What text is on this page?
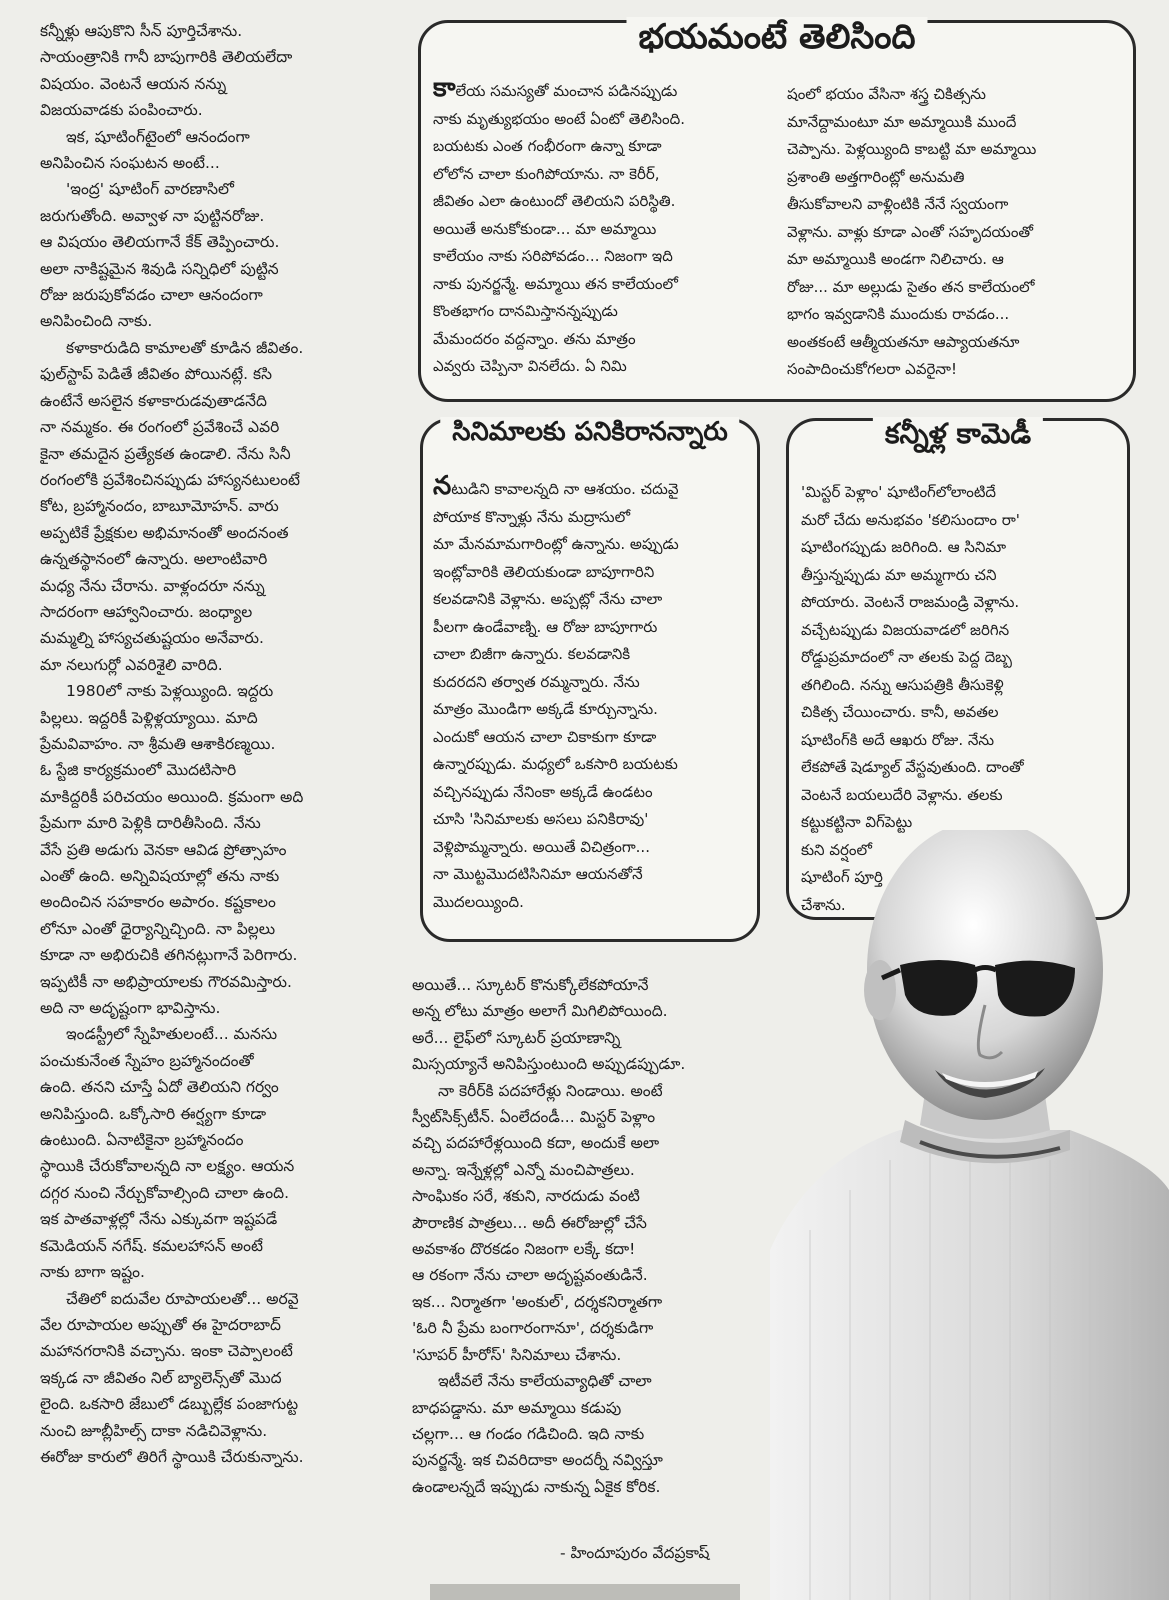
కన్నీళ్లు ఆపుకొని సీన్ పూర్తిచేశాను.
సాయంత్రానికి గానీ బాపుగారికి తెలియలేదా
విషయం. వెంటనే ఆయన నన్ను
విజయవాడకు పంపించారు.

ఇక, షూటింగ్‌టైంలో ఆనందంగా
అనిపించిన సంఘటన అంటే...

'ఇంద్ర' షూటింగ్ వారణాసిలో
జరుగుతోంది. అవ్వాళ నా పుట్టినరోజు.
ఆ విషయం తెలియగానే కేక్ తెప్పించారు.
అలా నాకిష్టమైన శివుడి సన్నిధిలో పుట్టిన
రోజు జరుపుకోవడం చాలా ఆనందంగా
అనిపించింది నాకు.

కళాకారుడిది కామాలతో కూడిన జీవితం.
ఫుల్‌స్టాప్ పెడితే జీవితం పోయినట్లే. కసి
ఉంటేనే అసలైన కళాకారుడవుతాడనేది
నా నమ్మకం. ఈ రంగంలో ప్రవేశించే ఎవరి
కైనా తమదైన ప్రత్యేకత ఉండాలి. నేను సినీ
రంగంలోకి ప్రవేశించినప్పుడు హాస్యనటులంటే
కోట, బ్రహ్మానందం, బాబూమోహన్. వారు
అప్పటికే ప్రేక్షకుల అభిమానంతో అందనంత
ఉన్నతస్థానంలో ఉన్నారు. అలాంటివారి
మధ్య నేను చేరాను. వాళ్లందరూ నన్ను
సాదరంగా ఆహ్వానించారు. జంధ్యాల
మమ్మల్ని హాస్యచతుష్టయం అనేవారు.
మా నలుగుర్లో ఎవరిశైలి వారిది.

1980లో నాకు పెళ్లయ్యింది. ఇద్దరు
పిల్లలు. ఇద్దరికీ పెళ్లిళ్లయ్యాయి. మాది
ప్రేమవివాహం. నా శ్రీమతి ఆశాకిరణ్మయి.
ఓ స్టేజి కార్యక్రమంలో మొదటిసారి
మాకిద్దరికీ పరిచయం అయింది. క్రమంగా అది
ప్రేమగా మారి పెళ్లికి దారితీసింది. నేను
వేసే ప్రతి అడుగు వెనకా ఆవిడ ప్రోత్సాహం
ఎంతో ఉంది. అన్నివిషయాల్లో తను నాకు
అందించిన సహకారం అపారం. కష్టకాలం
లోనూ ఎంతో ధైర్యాన్నిచ్చింది. నా పిల్లలు
కూడా నా అభిరుచికి తగినట్లుగానే పెరిగారు.
ఇప్పటికీ నా అభిప్రాయాలకు గౌరవమిస్తారు.
అది నా అదృష్టంగా భావిస్తాను.

ఇండస్ట్రీలో స్నేహితులంటే... మనసు
పంచుకునేంత స్నేహం బ్రహ్మానందంతో
ఉంది. తనని చూస్తే ఏదో తెలియని గర్వం
అనిపిస్తుంది. ఒక్కోసారి ఈర్ష్యగా కూడా
ఉంటుంది. ఏనాటికైనా బ్రహ్మానందం
స్థాయికి చేరుకోవాలన్నది నా లక్ష్యం. ఆయన
దగ్గర నుంచి నేర్చుకోవాల్సింది చాలా ఉంది.
ఇక పాతవాళ్లల్లో నేను ఎక్కువగా ఇష్టపడే
కమెడియన్ నగేష్. కమలహాసన్ అంటే
నాకు బాగా ఇష్టం.

చేతిలో ఐదువేల రూపాయలతో... అరవై
వేల రూపాయల అప్పుతో ఈ హైదరాబాద్
మహానగరానికి వచ్చాను. ఇంకా చెప్పాలంటే
ఇక్కడ నా జీవితం నిల్ బ్యాలెన్స్‌తో మొద
లైంది. ఒకసారి జేబులో డబ్బుల్లేక పంజాగుట్ట
నుంచి జూబ్లీహిల్స్ దాకా నడిచివెళ్లాను.
ఈరోజు కారులో తిరిగే స్థాయికి చేరుకున్నాను.

భయమంటే తెలిసింది
కాలేయ సమస్యతో మంచాన పడినప్పుడు
నాకు మృత్యుభయం అంటే ఏంటో తెలిసింది.
బయటకు ఎంత గంభీరంగా ఉన్నా కూడా
లోలోన చాలా కుంగిపోయాను. నా కెరీర్,
జీవితం ఎలా ఉంటుందో తెలియని పరిస్థితి.
అయితే అనుకోకుండా... మా అమ్మాయి
కాలేయం నాకు సరిపోవడం... నిజంగా ఇది
నాకు పునర్జన్మే. అమ్మాయి తన కాలేయంలో
కొంతభాగం దానమిస్తానన్నప్పుడు
మేమందరం వద్దన్నాం. తను మాత్రం
ఎవ్వరు చెప్పినా వినలేదు. ఏ నిమి
షంలో భయం వేసినా శస్త్ర చికిత్సను
మానేద్దామంటూ మా అమ్మాయికి ముందే
చెప్పాను. పెళ్లయ్యింది కాబట్టి మా అమ్మాయి
ప్రశాంతి అత్తగారింట్లో అనుమతి
తీసుకోవాలని వాళ్లింటికి నేనే స్వయంగా
వెళ్లాను. వాళ్లు కూడా ఎంతో సహృదయంతో
మా అమ్మాయికి అండగా నిలిచారు. ఆ
రోజు... మా అల్లుడు సైతం తన కాలేయంలో
భాగం ఇవ్వడానికి ముందుకు రావడం...
అంతకంటే ఆత్మీయతనూ ఆప్యాయతనూ
సంపాదించుకోగలరా ఎవరైనా!
సినిమాలకు పనికిరానన్నారు
నటుడిని కావాలన్నది నా ఆశయం. చదువై
పోయాక కొన్నాళ్లు నేను మద్రాసులో
మా మేనమామగారింట్లో ఉన్నాను. అప్పుడు
ఇంట్లోవారికి తెలియకుండా బాపూగారిని
కలవడానికి వెళ్లాను. అప్పట్లో నేను చాలా
పీలగా ఉండేవాణ్ని. ఆ రోజు బాపూగారు
చాలా బిజీగా ఉన్నారు. కలవడానికి
కుదరదని తర్వాత రమ్మన్నారు. నేను
మాత్రం మొండిగా అక్కడే కూర్చున్నాను.
ఎందుకో ఆయన చాలా చికాకుగా కూడా
ఉన్నారప్పుడు. మధ్యలో ఒకసారి బయటకు
వచ్చినప్పుడు నేనింకా అక్కడే ఉండటం
చూసి 'సినిమాలకు అసలు పనికిరావు'
వెళ్లిపొమ్మన్నారు. అయితే విచిత్రంగా...
నా మొట్టమొదటిసినిమా ఆయనతోనే
మొదలయ్యింది.
కన్నీళ్ల కామెడీ
'మిస్టర్ పెళ్లాం' షూటింగ్‌లోలాంటిదే
మరో చేదు అనుభవం 'కలిసుందాం రా'
షూటింగప్పుడు జరిగింది. ఆ సినిమా
తీస్తున్నప్పుడు మా అమ్మగారు చని
పోయారు. వెంటనే రాజమండ్రి వెళ్లాను.
వచ్చేటప్పుడు విజయవాడలో జరిగిన
రోడ్డుప్రమాదంలో నా తలకు పెద్ద దెబ్బ
తగిలింది. నన్ను ఆసుపత్రికి తీసుకెళ్లి
చికిత్స చేయించారు. కానీ, అవతల
షూటింగ్‌కి అదే ఆఖరు రోజు. నేను
లేకపోతే షెడ్యూల్ వేస్టవుతుంది. దాంతో
వెంటనే బయలుదేరి వెళ్లాను. తలకు
కట్టుకట్టినా విగ్‌పెట్టు
కుని వర్షంలో
షూటింగ్ పూర్తి
చేశాను.

అయితే... స్కూటర్ కొనుక్కోలేకపోయానే
అన్న లోటు మాత్రం అలాగే మిగిలిపోయింది.
అరే... లైఫ్‌లో స్కూటర్ ప్రయాణాన్ని
మిస్సయ్యానే అనిపిస్తుంటుంది అప్పుడప్పుడూ.

నా కెరీర్‌కి పదహారేళ్లు నిండాయి. అంటే
స్వీట్‌సిక్స్‌టీన్. ఏంలేదండీ... మిస్టర్ పెళ్లాం
వచ్చి పదహారేళ్లయింది కదా, అందుకే అలా
అన్నా. ఇన్నేళ్లల్లో ఎన్నో మంచిపాత్రలు.
సాంఘికం సరే, శకుని, నారదుడు వంటి
పౌరాణిక పాత్రలు... అదీ ఈరోజుల్లో చేసే
అవకాశం దొరకడం నిజంగా లక్కే కదా!
ఆ రకంగా నేను చాలా అదృష్టవంతుడినే.
ఇక... నిర్మాతగా 'అంకుల్', దర్శకనిర్మాతగా
'ఓరి నీ ప్రేమ బంగారంగానూ', దర్శకుడిగా
'సూపర్ హీరోస్' సినిమాలు చేశాను.

ఇటీవలే నేను కాలేయవ్యాధితో చాలా
బాధపడ్డాను. మా అమ్మాయి కడుపు
చల్లగా... ఆ గండం గడిచింది. ఇది నాకు
పునర్జన్మే. ఇక చివరిదాకా అందర్నీ నవ్విస్తూ
ఉండాలన్నదే ఇప్పుడు నాకున్న ఏకైక కోరిక.

- హిందూపురం వేదప్రకాష్
